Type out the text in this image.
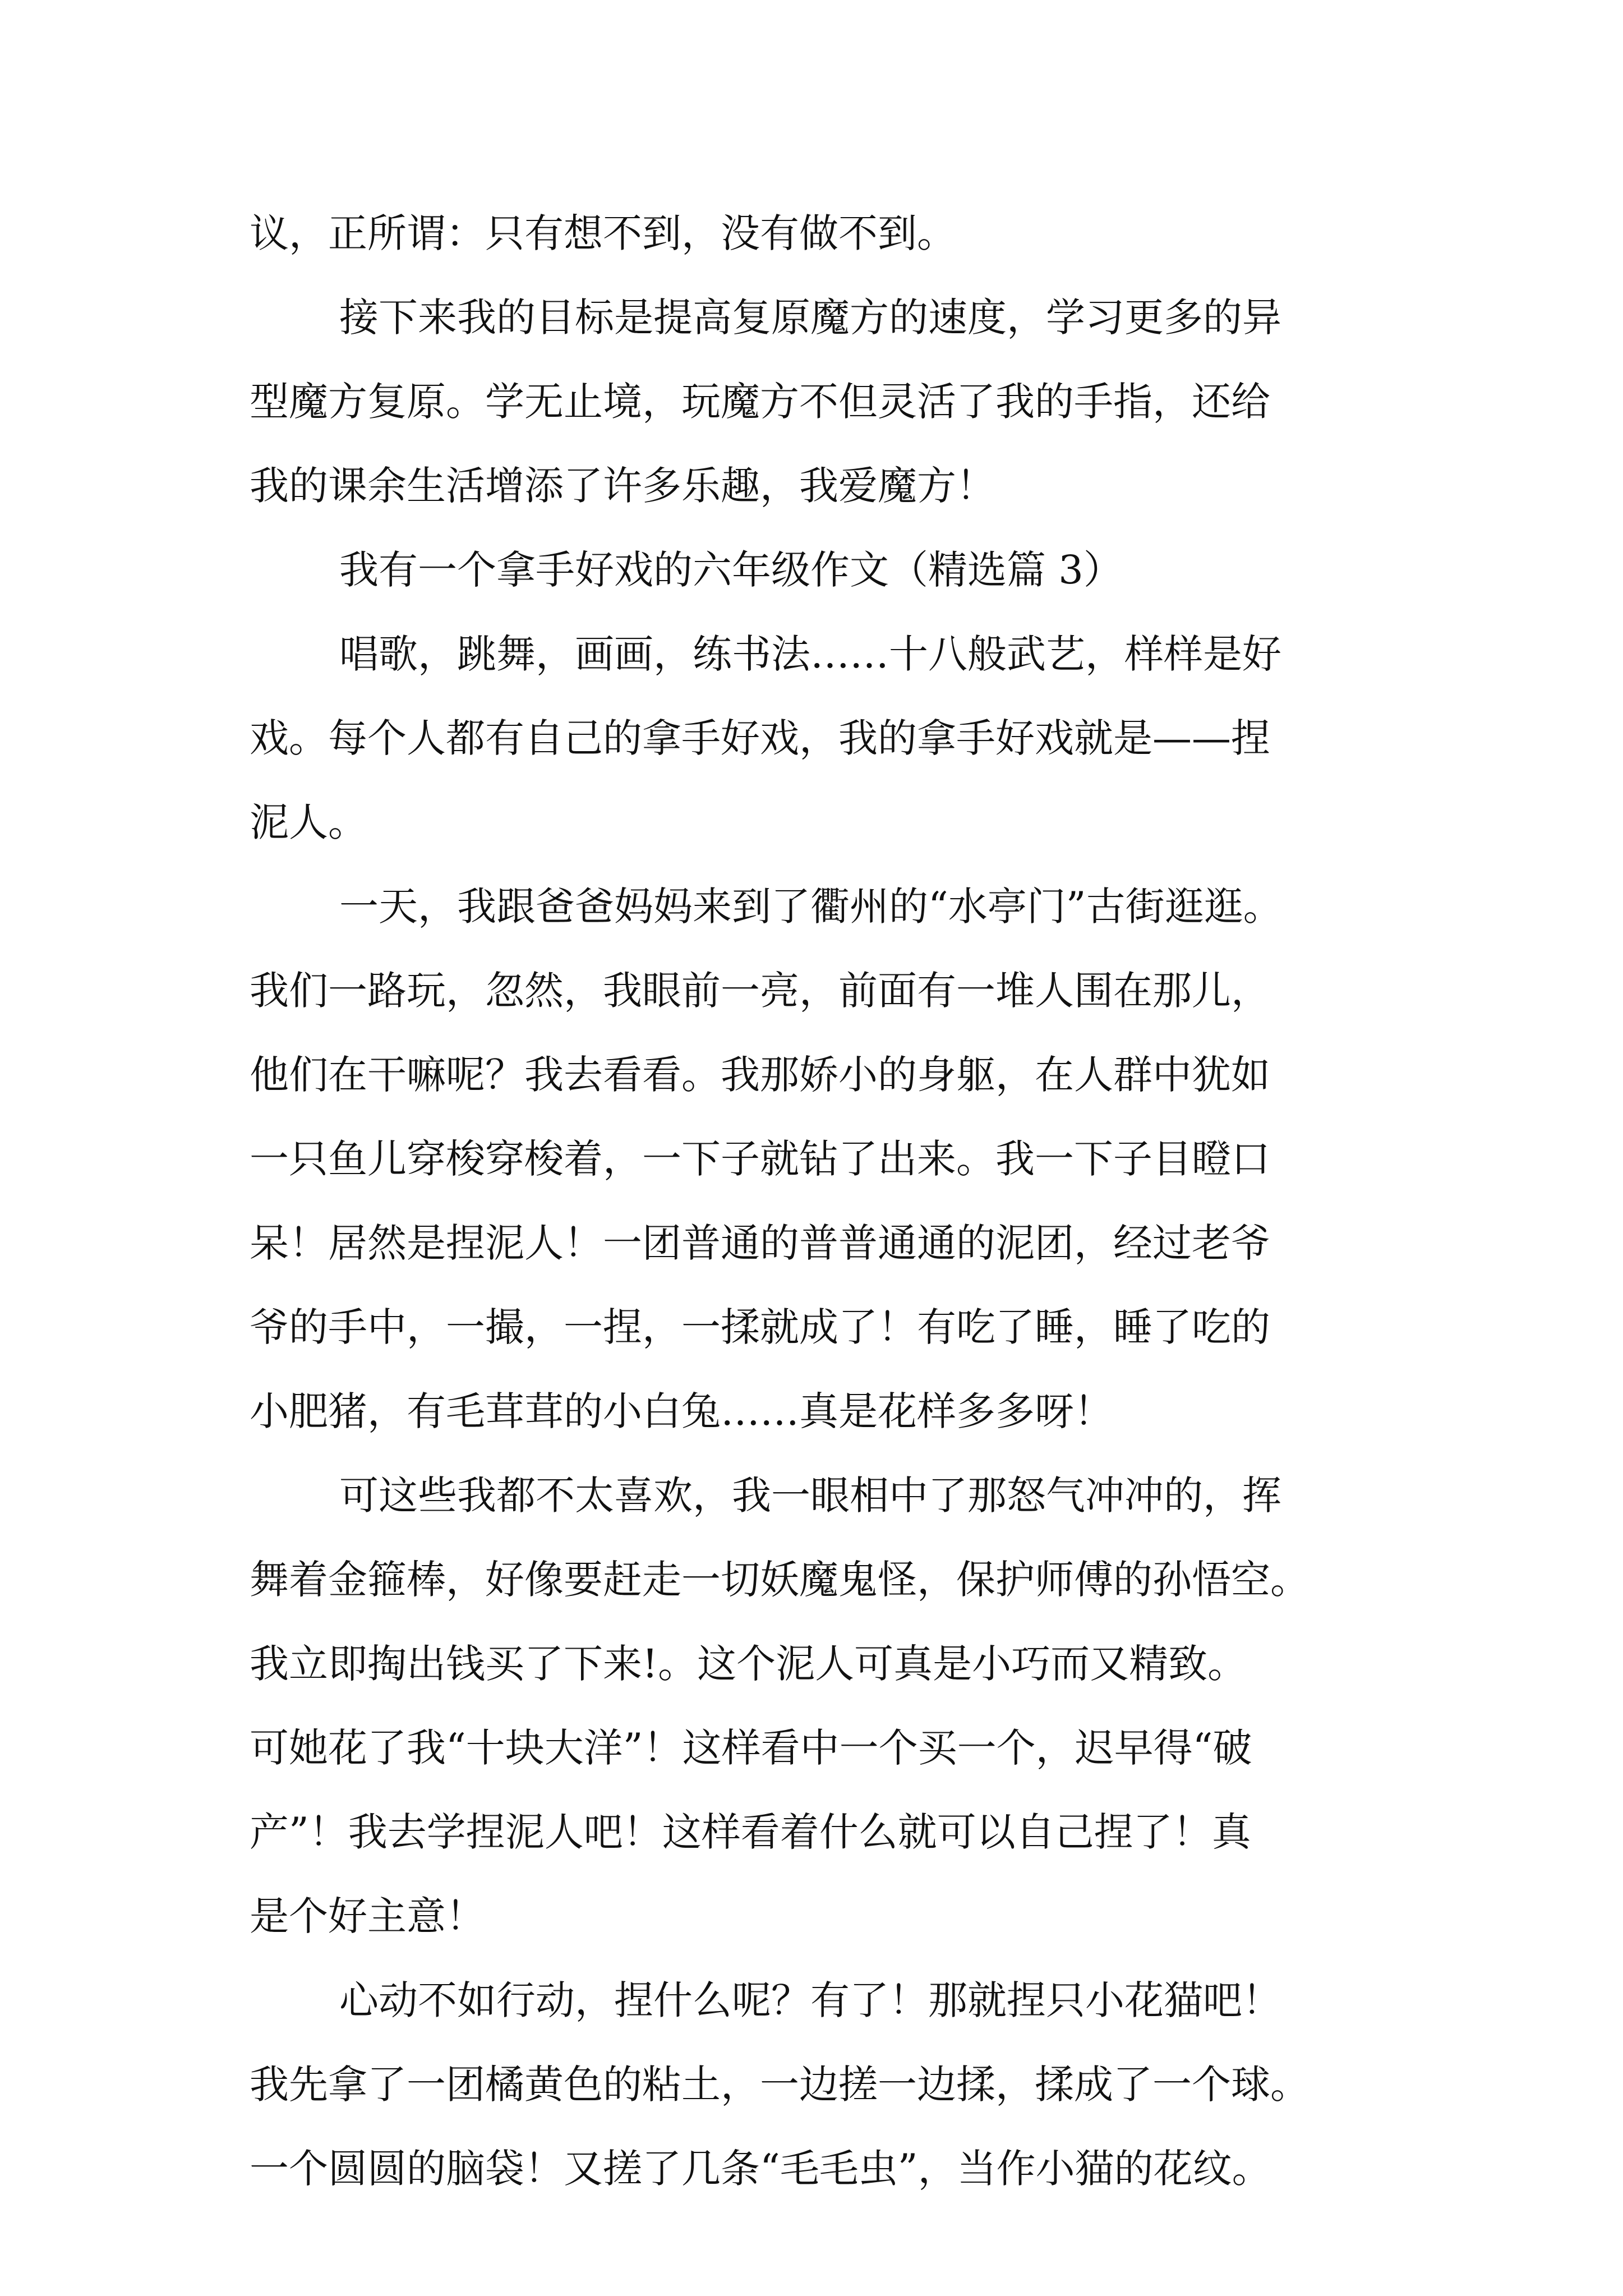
议，正所谓：只有想不到，没有做不到。
接下来我的目标是提高复原魔方的速度，学习更多的异
型魔方复原。学无止境，玩魔方不但灵活了我的手指，还给
我的课余生活增添了许多乐趣，我爱魔方！
我有一个拿手好戏的六年级作文（精选篇 3）
唱歌，跳舞，画画，练书法……十八般武艺，样样是好
戏。每个人都有自己的拿手好戏，我的拿手好戏就是——捏
泥人。
一天，我跟爸爸妈妈来到了衢州的“水亭门”古街逛逛。
我们一路玩，忽然，我眼前一亮，前面有一堆人围在那儿，
他们在干嘛呢？我去看看。我那娇小的身躯，在人群中犹如
一只鱼儿穿梭穿梭着，一下子就钻了出来。我一下子目瞪口
呆！居然是捏泥人！一团普通的普普通通的泥团，经过老爷
爷的手中，一撮，一捏，一揉就成了！有吃了睡，睡了吃的
小肥猪，有毛茸茸的小白兔……真是花样多多呀！
可这些我都不太喜欢，我一眼相中了那怒气冲冲的，挥
舞着金箍棒，好像要赶走一切妖魔鬼怪，保护师傅的孙悟空。
我立即掏出钱买了下来!。这个泥人可真是小巧而又精致。
可她花了我“十块大洋”！这样看中一个买一个，迟早得“破
产”！我去学捏泥人吧！这样看着什么就可以自己捏了！真
是个好主意！
心动不如行动，捏什么呢？有了！那就捏只小花猫吧！
我先拿了一团橘黄色的粘土，一边搓一边揉，揉成了一个球。
一个圆圆的脑袋！又搓了几条“毛毛虫”，当作小猫的花纹。
